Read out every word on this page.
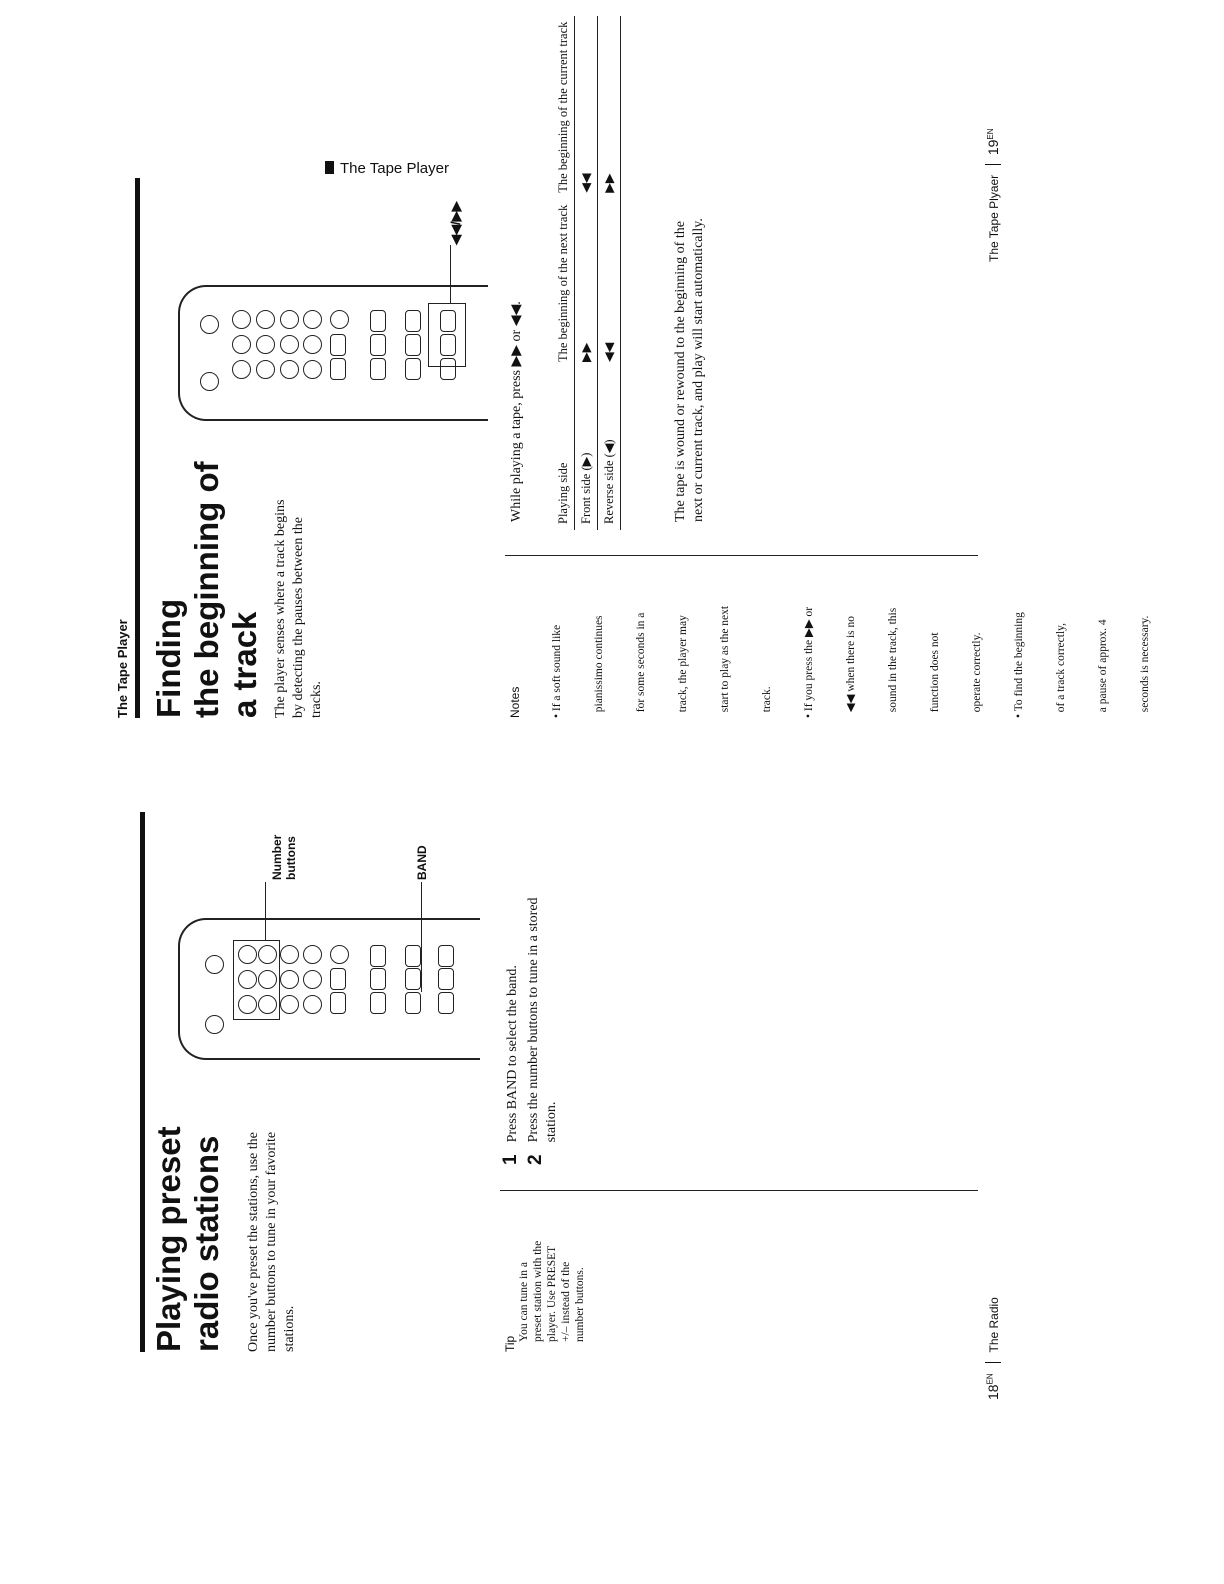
The Tape Player
Playing preset radio stations Once you've preset the stations, use the number buttons to tune in your favorite stations.
Number buttons	BAND
1 Press BAND to select the band.
2
Press the number buttons to tune in a stored station.
Tip
You can tune in a preset station with the player. Use PRESET +/– instead of the number buttons.
$18^{EN}$  The Radio
The Tape Player Finding the beginning of a track The player senses where a track begins by detecting the pauses between the tracks.
◀◀/▶▶
While playing a tape, press ▶▶ or ◀◀.	Playing side	The beginning of the next track	The beginning of the current track
Front side (▶)	▶▶	◀◀
Reverse side (◀)	◀◀	▶▶
The tape is wound or rewound to the beginning of the next or current track, and play will start automatically.
Notes

	• If a soft sound like

	pianissimo continues

	for some seconds in a

	track, the player may

	start to play as the next

	track.

	• If you press the ▶▶ or

	◀◀ when there is no

	sound in the track, this

	function does not

	operate correctly.

	• To find the beginning

	of a track correctly,

	a pause of approx. 4

	seconds is necessary.

The Tape Plyaer  $19^{EN}$
